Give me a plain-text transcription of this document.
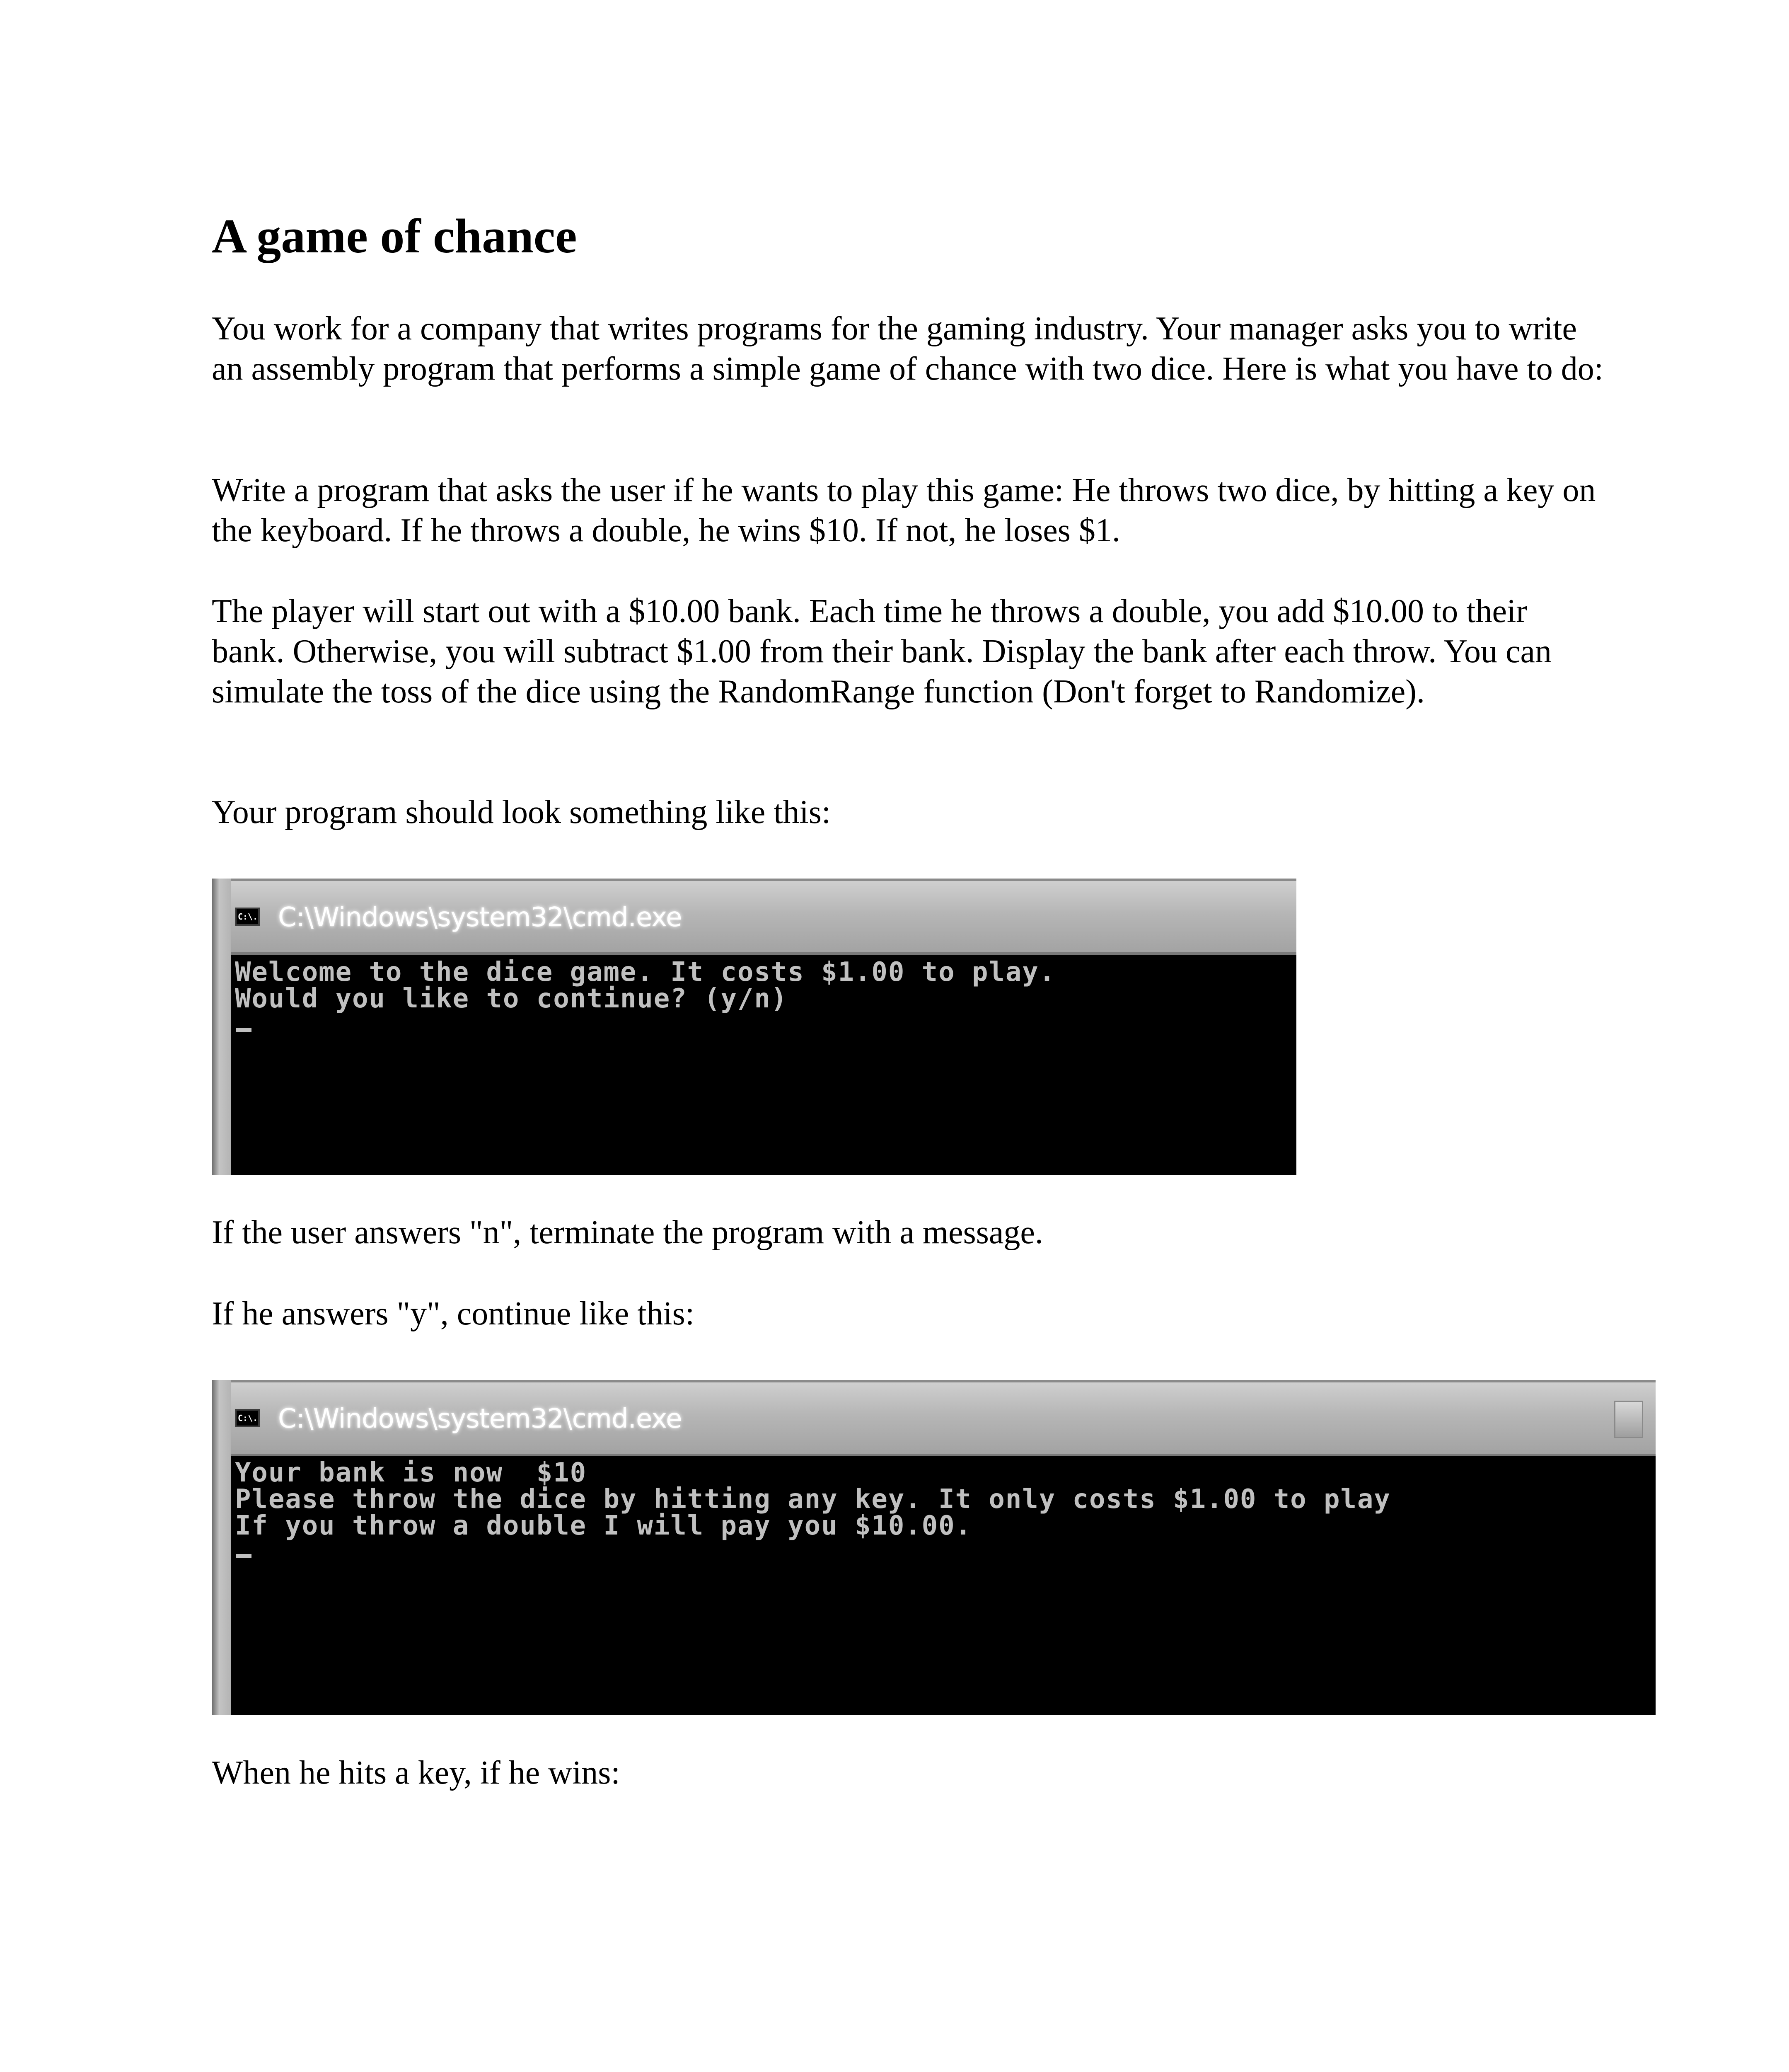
A game of chance

You work for a company that writes programs for the gaming industry. Your manager asks you to write an assembly program that performs a simple game of chance with two dice. Here is what you have to do:

Write a program that asks the user if he wants to play this game: He throws two dice, by hitting a key on the keyboard. If he throws a double, he wins $10. If not, he loses $1.

The player will start out with a $10.00 bank. Each time he throws a double, you add $10.00 to their bank. Otherwise, you will subtract $1.00 from their bank. Display the bank after each throw. You can simulate the toss of the dice using the RandomRange function (Don't forget to Randomize).

Your program should look something like this:

C:\. C:\Windows\system32\cmd.exe
Welcome to the dice game. It costs $1.00 to play.
Would you like to continue? (y/n)

If the user answers "n", terminate the program with a message.

If he answers "y", continue like this:

C:\. C:\Windows\system32\cmd.exe
Your bank is now  $10
Please throw the dice by hitting any key. It only costs $1.00 to play
If you throw a double I will pay you $10.00.

When he hits a key, if he wins:
